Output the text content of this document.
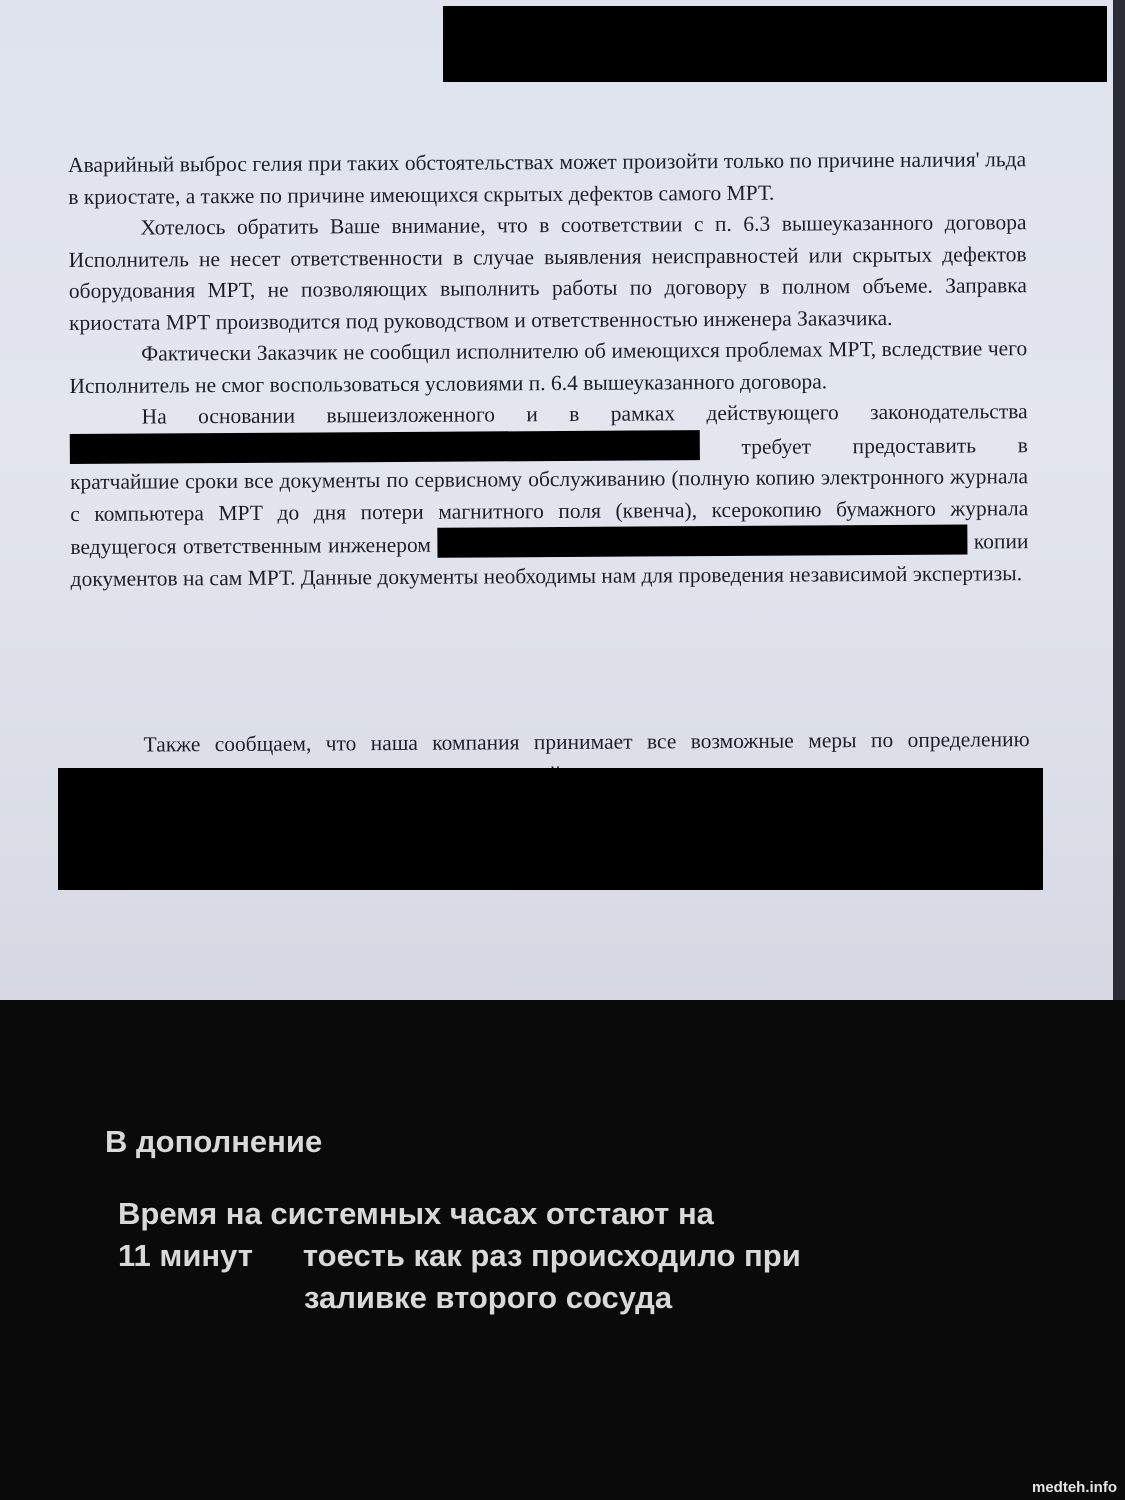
Аварийный выброс гелия при таких обстоятельствах может произойти только по причине наличия' льда в криостате, а также по причине имеющихся скрытых дефектов самого МРТ.

Хотелось обратить Ваше внимание, что в соответствии с п. 6.3 вышеуказанного договора Исполнитель не несет ответственности в случае выявления неисправностей или скрытых дефектов оборудования МРТ, не позволяющих выполнить работы по договору в полном объеме. Заправка криостата МРТ производится под руководством и ответственностью инженера Заказчика.

Фактически Заказчик не сообщил исполнителю об имеющихся проблемах МРТ, вследствие чего Исполнитель не смог воспользоваться условиями п. 6.4 вышеуказанного договора.

На основании вышеизложенного и в рамках действующего законодательства  требует предоставить в кратчайшие сроки все документы по сервисному обслуживанию (полную копию электронного журнала с компьютера МРТ до дня потери магнитного поля (квенча), ксерокопию бумажного журнала ведущегося ответственным инженером	копии документов на сам МРТ. Данные документы необходимы нам для проведения независимой экспертизы.

Также сообщаем, что наша компания принимает все возможные меры по определению

В дополнение
Время на системных часах отстают на
11 минут тоесть как раз происходило при
заливке второго сосуда
medteh.info
